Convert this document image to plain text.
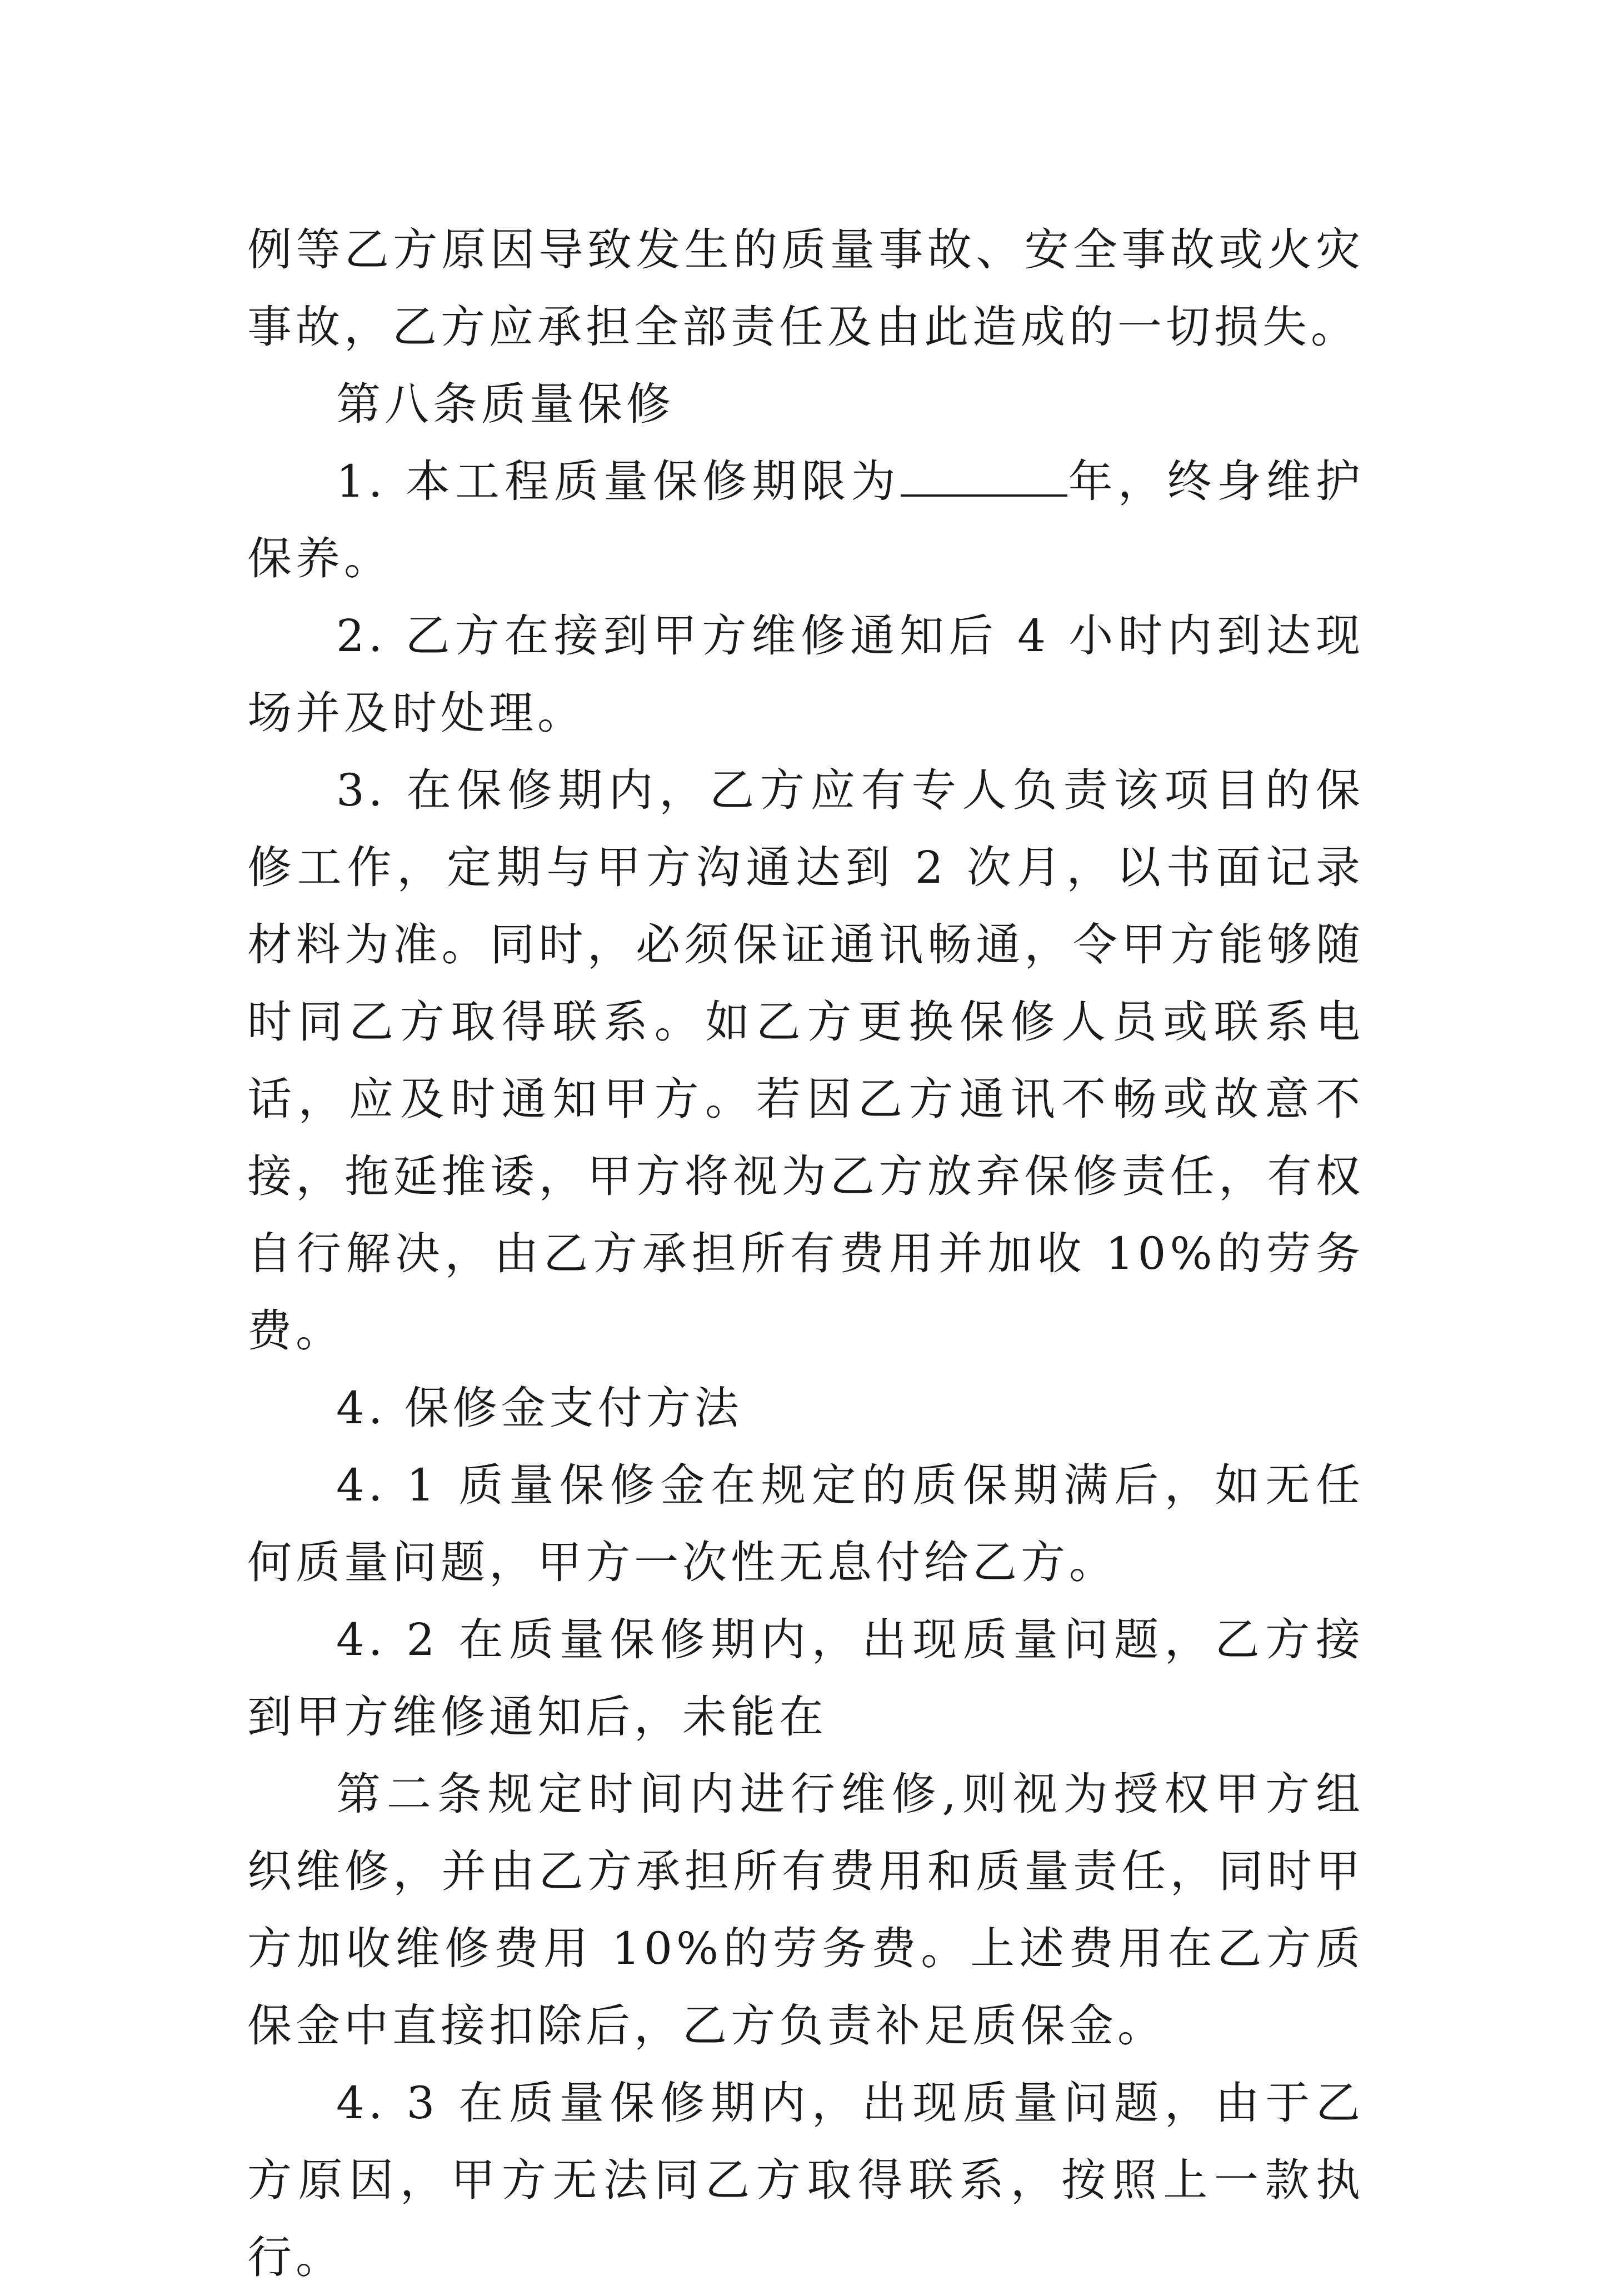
例等乙方原因导致发生的质量事故、安全事故或火灾事故，乙方应承担全部责任及由此造成的一切损失。

第八条质量保修

1. 本工程质量保修期限为	年，终身维护保养。

2. 乙方在接到甲方维修通知后 4 小时内到达现场并及时处理。

3. 在保修期内，乙方应有专人负责该项目的保修工作，定期与甲方沟通达到 2 次月，以书面记录材料为准。同时，必须保证通讯畅通，令甲方能够随时同乙方取得联系。如乙方更换保修人员或联系电话，应及时通知甲方。若因乙方通讯不畅或故意不接，拖延推诿，甲方将视为乙方放弃保修责任，有权自行解决，由乙方承担所有费用并加收 10%的劳务费。

4. 保修金支付方法

4. 1 质量保修金在规定的质保期满后，如无任何质量问题，甲方一次性无息付给乙方。

4. 2 在质量保修期内，出现质量问题，乙方接到甲方维修通知后，未能在

第二条规定时间内进行维修,则视为授权甲方组织维修，并由乙方承担所有费用和质量责任，同时甲方加收维修费用 10%的劳务费。上述费用在乙方质保金中直接扣除后，乙方负责补足质保金。

4. 3 在质量保修期内，出现质量问题，由于乙方原因，甲方无法同乙方取得联系，按照上一款执行。
